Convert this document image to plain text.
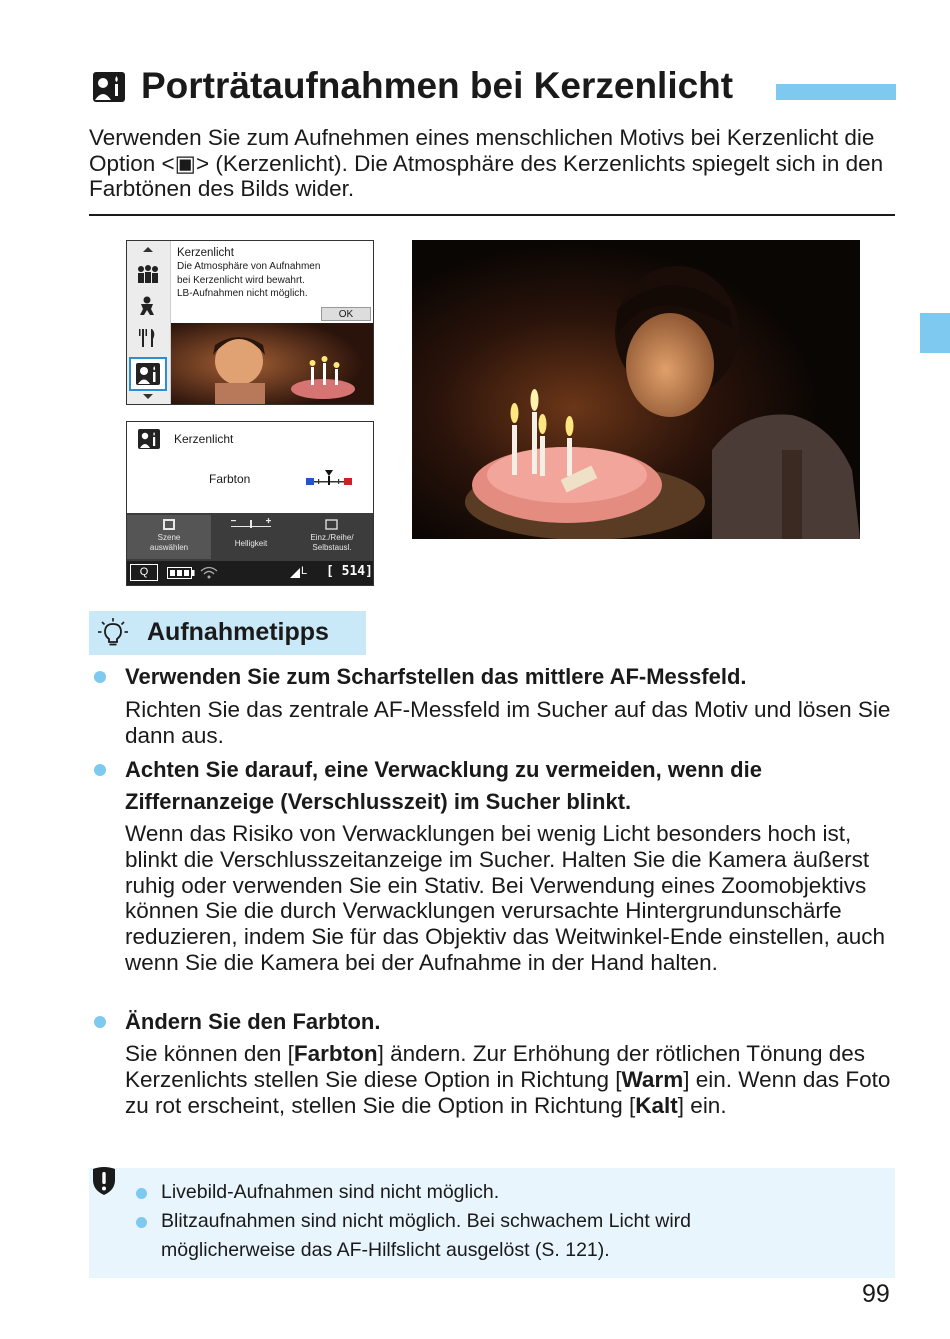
Porträtaufnahmen bei Kerzenlicht
Verwenden Sie zum Aufnehmen eines menschlichen Motivs bei Kerzenlicht die Option <▣> (Kerzenlicht). Die Atmosphäre des Kerzenlichts spiegelt sich in den Farbtönen des Bilds wider.
Kerzenlicht
Die Atmosphäre von Aufnahmen
bei Kerzenlicht wird bewahrt.
LB-Aufnahmen nicht möglich.
OK
Kerzenlicht
Farbton
Szene
auswählen	Helligkeit
Einz./Reihe/
Selbstausl.
Q	L [ 514]
Aufnahmetipps
Verwenden Sie zum Scharfstellen das mittlere AF-Messfeld.
Richten Sie das zentrale AF-Messfeld im Sucher auf das Motiv und lösen Sie dann aus.
Achten Sie darauf, eine Verwacklung zu vermeiden, wenn die Ziffernanzeige (Verschlusszeit) im Sucher blinkt.
Wenn das Risiko von Verwacklungen bei wenig Licht besonders hoch ist, blinkt die Verschlusszeitanzeige im Sucher. Halten Sie die Kamera äußerst ruhig oder verwenden Sie ein Stativ. Bei Verwendung eines Zoomobjektivs können Sie die durch Verwacklungen verursachte Hintergrundunschärfe reduzieren, indem Sie für das Objektiv das Weitwinkel-Ende einstellen, auch wenn Sie die Kamera bei der Aufnahme in der Hand halten.
Ändern Sie den Farbton.
Sie können den [Farbton] ändern. Zur Erhöhung der rötlichen Tönung des Kerzenlichts stellen Sie diese Option in Richtung [Warm] ein. Wenn das Foto zu rot erscheint, stellen Sie die Option in Richtung [Kalt] ein.
Livebild-Aufnahmen sind nicht möglich.
Blitzaufnahmen sind nicht möglich. Bei schwachem Licht wird möglicherweise das AF-Hilfslicht ausgelöst (S. 121).
99
